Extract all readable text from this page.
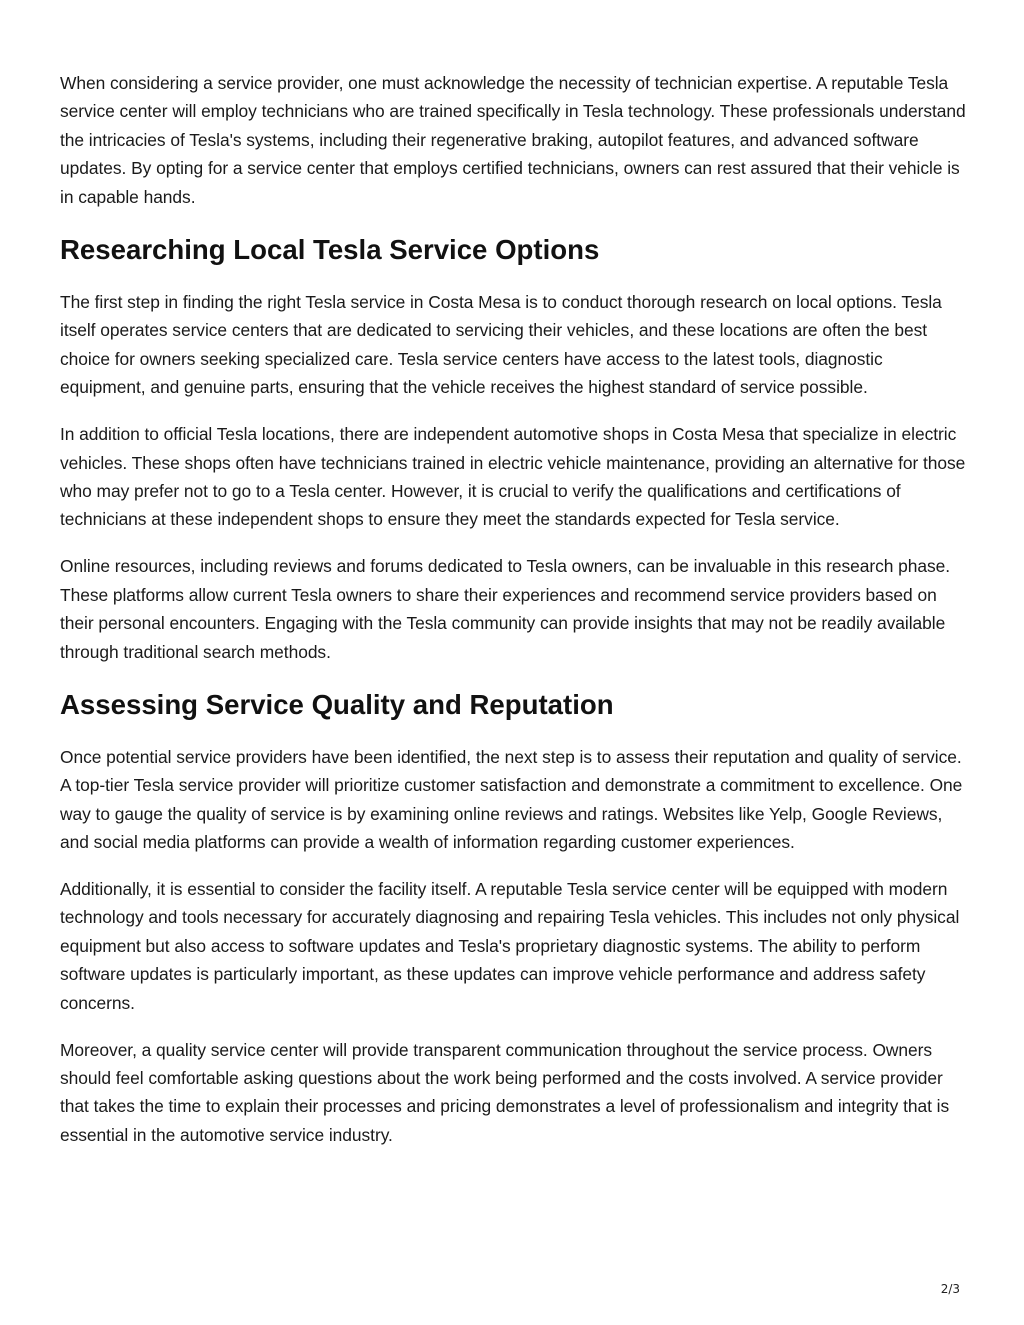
When considering a service provider, one must acknowledge the necessity of technician expertise. A reputable Tesla service center will employ technicians who are trained specifically in Tesla technology. These professionals understand the intricacies of Tesla's systems, including their regenerative braking, autopilot features, and advanced software updates. By opting for a service center that employs certified technicians, owners can rest assured that their vehicle is in capable hands.

Researching Local Tesla Service Options

The first step in finding the right Tesla service in Costa Mesa is to conduct thorough research on local options. Tesla itself operates service centers that are dedicated to servicing their vehicles, and these locations are often the best choice for owners seeking specialized care. Tesla service centers have access to the latest tools, diagnostic equipment, and genuine parts, ensuring that the vehicle receives the highest standard of service possible.

In addition to official Tesla locations, there are independent automotive shops in Costa Mesa that specialize in electric vehicles. These shops often have technicians trained in electric vehicle maintenance, providing an alternative for those who may prefer not to go to a Tesla center. However, it is crucial to verify the qualifications and certifications of technicians at these independent shops to ensure they meet the standards expected for Tesla service.

Online resources, including reviews and forums dedicated to Tesla owners, can be invaluable in this research phase. These platforms allow current Tesla owners to share their experiences and recommend service providers based on their personal encounters. Engaging with the Tesla community can provide insights that may not be readily available through traditional search methods.

Assessing Service Quality and Reputation

Once potential service providers have been identified, the next step is to assess their reputation and quality of service. A top-tier Tesla service provider will prioritize customer satisfaction and demonstrate a commitment to excellence. One way to gauge the quality of service is by examining online reviews and ratings. Websites like Yelp, Google Reviews, and social media platforms can provide a wealth of information regarding customer experiences.

Additionally, it is essential to consider the facility itself. A reputable Tesla service center will be equipped with modern technology and tools necessary for accurately diagnosing and repairing Tesla vehicles. This includes not only physical equipment but also access to software updates and Tesla's proprietary diagnostic systems. The ability to perform software updates is particularly important, as these updates can improve vehicle performance and address safety concerns.

Moreover, a quality service center will provide transparent communication throughout the service process. Owners should feel comfortable asking questions about the work being performed and the costs involved. A service provider that takes the time to explain their processes and pricing demonstrates a level of professionalism and integrity that is essential in the automotive service industry.

2/3
